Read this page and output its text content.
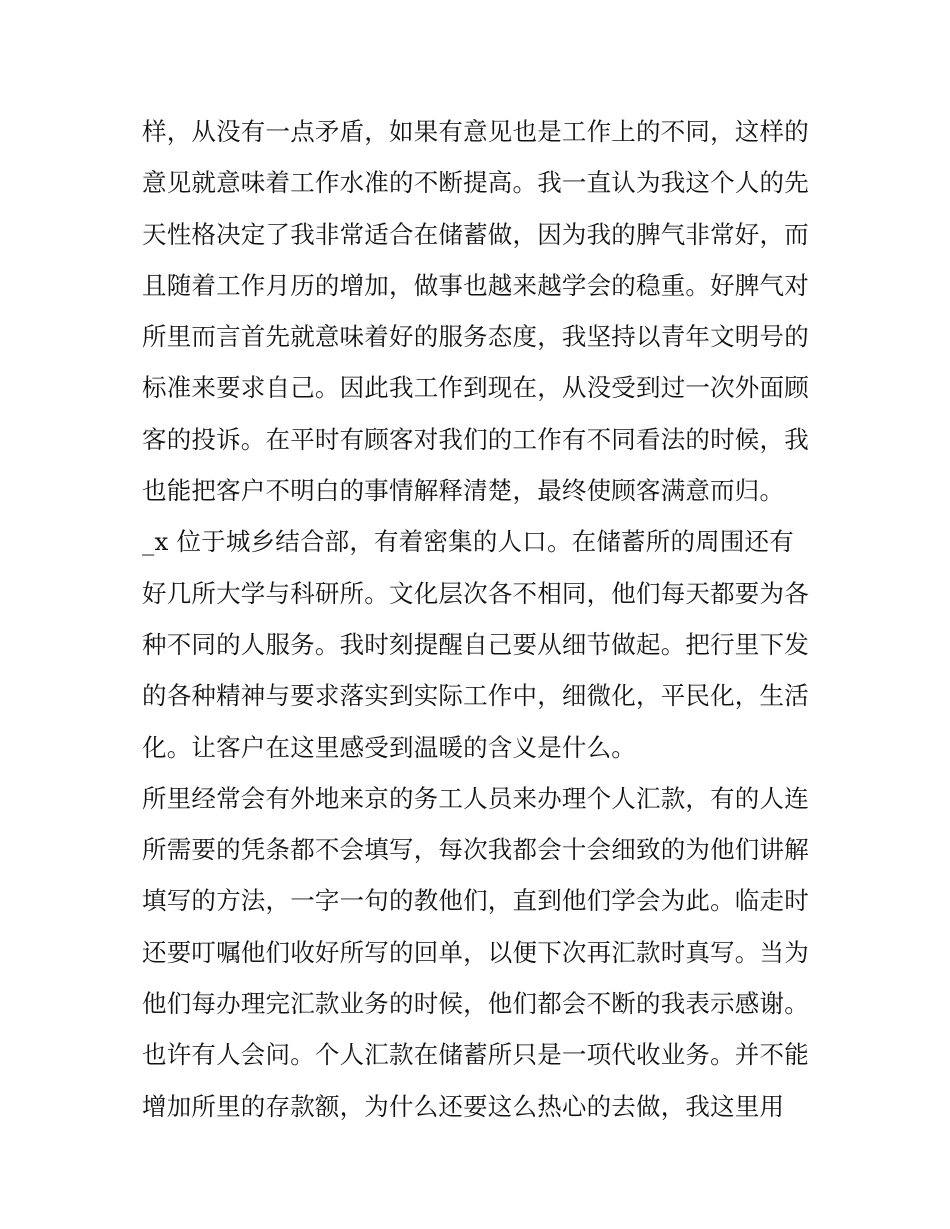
样，从没有一点矛盾，如果有意见也是工作上的不同，这样的
意见就意味着工作水准的不断提高。我一直认为我这个人的先
天性格决定了我非常适合在储蓄做，因为我的脾气非常好，而
且随着工作月历的增加，做事也越来越学会的稳重。好脾气对
所里而言首先就意味着好的服务态度，我坚持以青年文明号的
标准来要求自己。因此我工作到现在，从没受到过一次外面顾
客的投诉。在平时有顾客对我们的工作有不同看法的时候，我
也能把客户不明白的事情解释清楚，最终使顾客满意而归。
_x 位于城乡结合部，有着密集的人口。在储蓄所的周围还有
好几所大学与科研所。文化层次各不相同，他们每天都要为各
种不同的人服务。我时刻提醒自己要从细节做起。把行里下发
的各种精神与要求落实到实际工作中，细微化，平民化，生活
化。让客户在这里感受到温暖的含义是什么。
所里经常会有外地来京的务工人员来办理个人汇款，有的人连
所需要的凭条都不会填写，每次我都会十会细致的为他们讲解
填写的方法，一字一句的教他们，直到他们学会为此。临走时
还要叮嘱他们收好所写的回单，以便下次再汇款时真写。当为
他们每办理完汇款业务的时候，他们都会不断的我表示感谢。
也许有人会问。个人汇款在储蓄所只是一项代收业务。并不能
增加所里的存款额，为什么还要这么热心的去做，我这里用
